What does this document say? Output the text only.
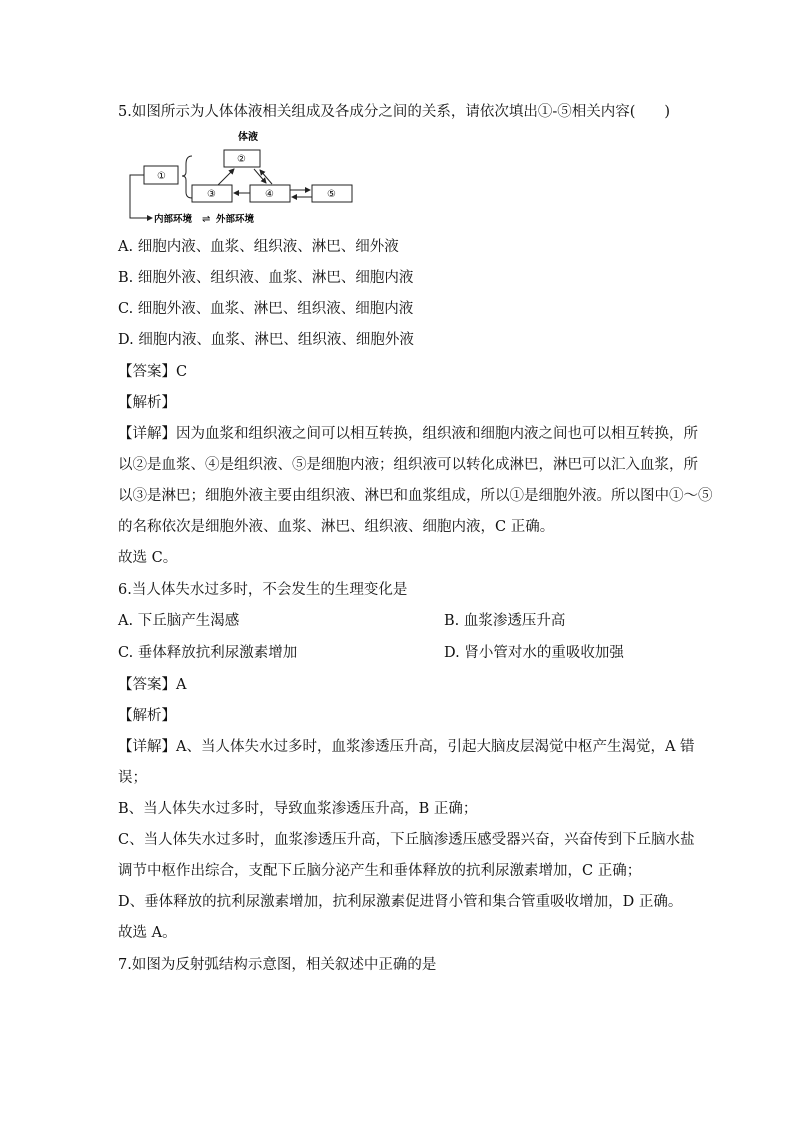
5.如图所示为人体体液相关组成及各成分之间的关系，请依次填出①-⑤相关内容(　　)
体液
①
②
③	④	⑤
内部环境 ⇌ 外部环境
A. 细胞内液、血浆、组织液、淋巴、细外液
B. 细胞外液、组织液、血浆、淋巴、细胞内液
C. 细胞外液、血浆、淋巴、组织液、细胞内液
D. 细胞内液、血浆、淋巴、组织液、细胞外液
【答案】C
【解析】
【详解】因为血浆和组织液之间可以相互转换，组织液和细胞内液之间也可以相互转换，所
以②是血浆、④是组织液、⑤是细胞内液；组织液可以转化成淋巴，淋巴可以汇入血浆，所
以③是淋巴；细胞外液主要由组织液、淋巴和血浆组成，所以①是细胞外液。所以图中①～⑤
的名称依次是细胞外液、血浆、淋巴、组织液、细胞内液，C 正确。
故选 C。
6.当人体失水过多时，不会发生的生理变化是
A. 下丘脑产生渴感	B. 血浆渗透压升高
C. 垂体释放抗利尿激素增加	D. 肾小管对水的重吸收加强
【答案】A
【解析】
【详解】A、当人体失水过多时，血浆渗透压升高，引起大脑皮层渴觉中枢产生渴觉，A 错
误；
B、当人体失水过多时，导致血浆渗透压升高，B 正确；
C、当人体失水过多时，血浆渗透压升高，下丘脑渗透压感受器兴奋，兴奋传到下丘脑水盐
调节中枢作出综合，支配下丘脑分泌产生和垂体释放的抗利尿激素增加，C 正确；
D、垂体释放的抗利尿激素增加，抗利尿激素促进肾小管和集合管重吸收增加，D 正确。
故选 A。
7.如图为反射弧结构示意图，相关叙述中正确的是
